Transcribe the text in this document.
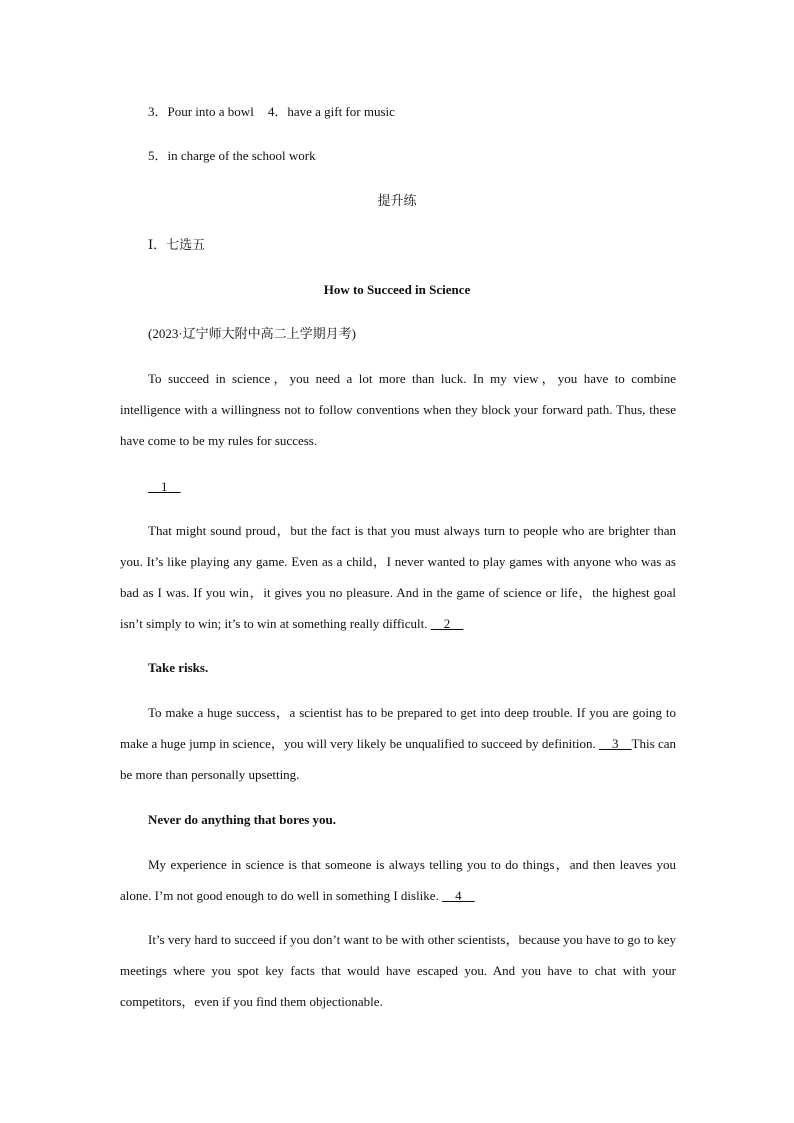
3．Pour into a bowl 4．have a gift for music
5．in charge of the school work
提升练
Ⅰ．七选五
How to Succeed in Science
(2023·辽宁师大附中高二上学期月考)
To succeed in science，you need a lot more than luck. In my view，you have to combine intelligence with a willingness not to follow conventions when they block your forward path. Thus, these have come to be my rules for success.
__1__
That might sound proud，but the fact is that you must always turn to people who are brighter than you. It’s like playing any game. Even as a child，I never wanted to play games with anyone who was as bad as I was. If you win，it gives you no pleasure. And in the game of science or life，the highest goal isn’t simply to win; it’s to win at something really difficult. __2__
Take risks.
To make a huge success，a scientist has to be prepared to get into deep trouble. If you are going to make a huge jump in science，you will very likely be unqualified to succeed by definition. __3__This can be more than personally upsetting.
Never do anything that bores you.
My experience in science is that someone is always telling you to do things，and then leaves you alone. I’m not good enough to do well in something I dislike. __4__
It’s very hard to succeed if you don’t want to be with other scientists，because you have to go to key meetings where you spot key facts that would have escaped you. And you have to chat with your competitors，even if you find them objectionable.
